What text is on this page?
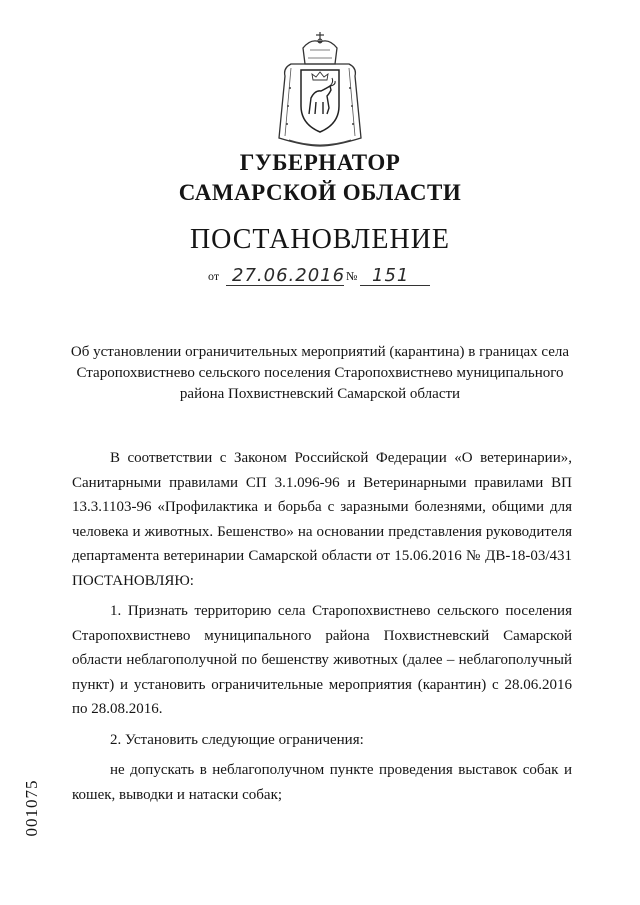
ГУБЕРНАТОР
САМАРСКОЙ ОБЛАСТИ
ПОСТАНОВЛЕНИЕ
от 27.06.2016 № 151
Об установлении ограничительных мероприятий (карантина) в границах села Старопохвистнево сельского поселения Старопохвистнево муниципального района Похвистневский Самарской области

В соответствии с Законом Российской Федерации «О ветеринарии», Санитарными правилами СП 3.1.096-96 и Ветеринарными правилами ВП 13.3.1103-96 «Профилактика и борьба с заразными болезнями, общими для человека и животных. Бешенство» на основании представления руководителя департамента ветеринарии Самарской области от 15.06.2016 № ДВ-18-03/431 ПОСТАНОВЛЯЮ:

1. Признать территорию села Старопохвистнево сельского поселения Старопохвистнево муниципального района Похвистневский Самарской области неблагополучной по бешенству животных (далее – неблагополучный пункт) и установить ограничительные мероприятия (карантин) с 28.06.2016 по 28.08.2016.

2. Установить следующие ограничения:

не допускать в неблагополучном пункте проведения выставок собак и кошек, выводки и натаски собак;

001075
